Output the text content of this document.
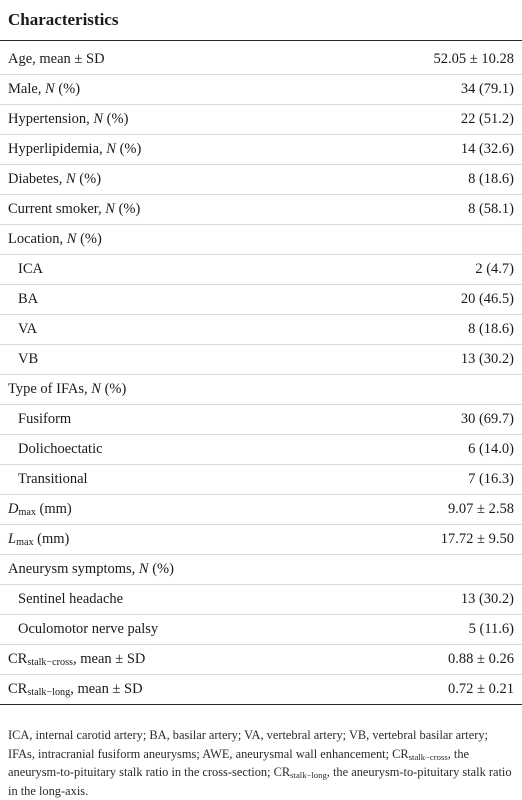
Characteristics
Age, mean ± SD	52.05 ± 10.28
Male, N (%)	34 (79.1)
Hypertension, N (%)	22 (51.2)
Hyperlipidemia, N (%)	14 (32.6)
Diabetes, N (%)	8 (18.6)
Current smoker, N (%)	8 (58.1)
Location, N (%)
ICA	2 (4.7)
BA	20 (46.5)
VA	8 (18.6)
VB	13 (30.2)
Type of IFAs, N (%)
Fusiform	30 (69.7)
Dolichoectatic	6 (14.0)
Transitional	7 (16.3)
$D_{max}$ (mm)	9.07 ± 2.58
$L_{max}$ (mm)	17.72 ± 9.50
Aneurysm symptoms, N (%)
Sentinel headache	13 (30.2)
Oculomotor nerve palsy	5 (11.6)
$CR_{stalk-cross}$, mean ± SD	0.88 ± 0.26
$CR_{stalk-long}$, mean ± SD	0.72 ± 0.21
ICA, internal carotid artery; BA, basilar artery; VA, vertebral artery; VB, vertebral basilar artery; IFAs, intracranial fusiform aneurysms; AWE, aneurysmal wall enhancement; $CR_{stalk-cross}$, the aneurysm-to-pituitary stalk ratio in the cross-section; $CR_{stalk-long}$, the aneurysm-to-pituitary stalk ratio in the long-axis.
